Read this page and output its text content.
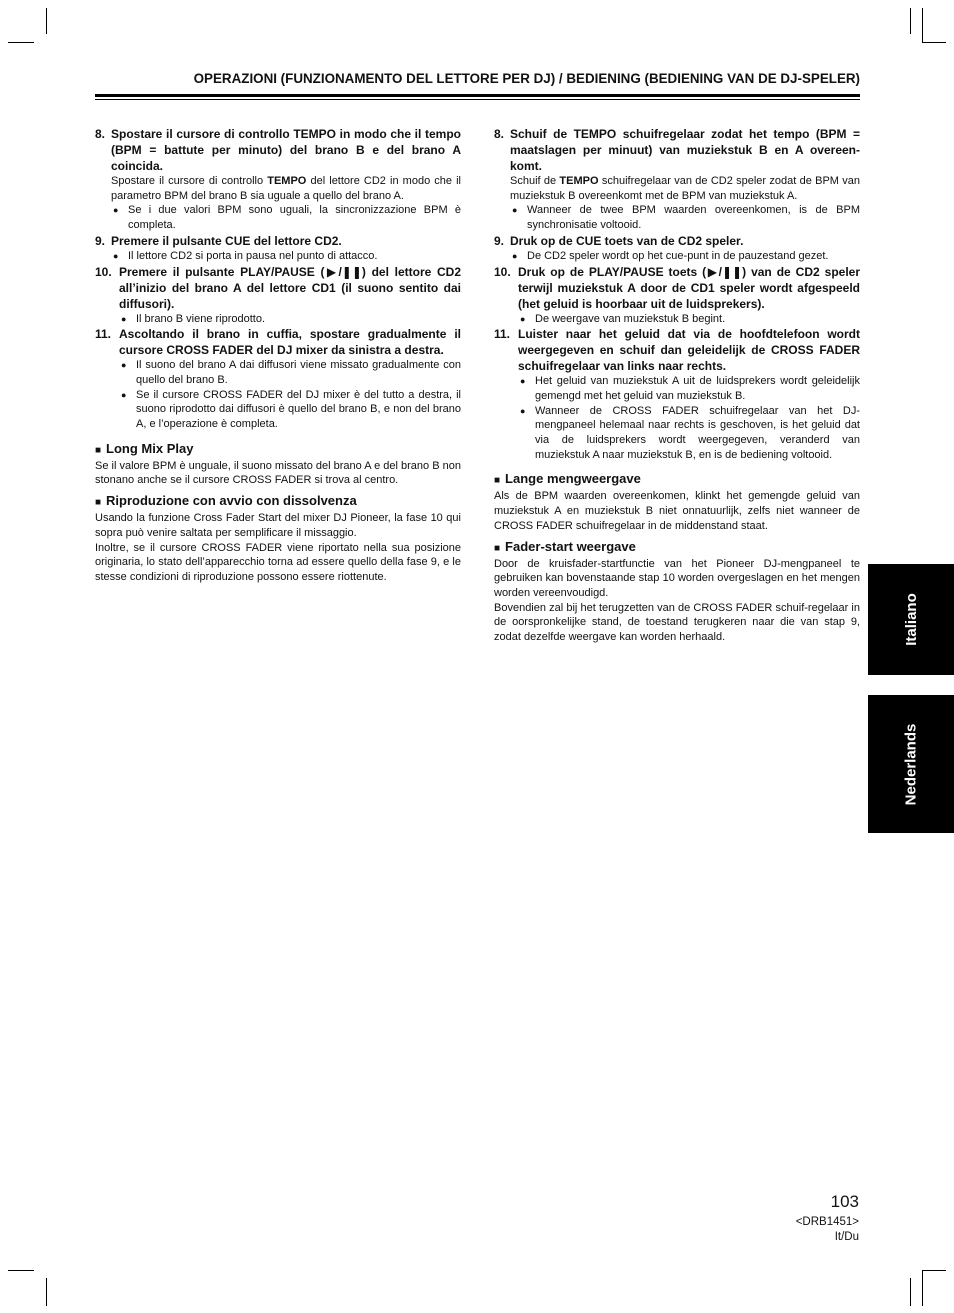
OPERAZIONI (FUNZIONAMENTO DEL LETTORE PER DJ) / BEDIENING (BEDIENING VAN DE DJ-SPELER)
8. Spostare il cursore di controllo TEMPO in modo che il tempo (BPM = battute per minuto) del brano B e del brano A coincida.
Spostare il cursore di controllo TEMPO del lettore CD2 in modo che il parametro BPM del brano B sia uguale a quello del brano A.
● Se i due valori BPM sono uguali, la sincronizzazione BPM è completa.
9. Premere il pulsante CUE del lettore CD2.
● Il lettore CD2 si porta in pausa nel punto di attacco.
10. Premere il pulsante PLAY/PAUSE (▶/❚❚) del lettore CD2 all’inizio del brano A del lettore CD1 (il suono sentito dai diffusori).
● Il brano B viene riprodotto.
11. Ascoltando il brano in cuffia, spostare gradualmente il cursore CROSS FADER del DJ mixer da sinistra a destra.
● Il suono del brano A dai diffusori viene missato gradualmente con quello del brano B.
● Se il cursore CROSS FADER del DJ mixer è del tutto a destra, il suono riprodotto dai diffusori è quello del brano B, e non del brano A, e l’operazione è completa.
■ Long Mix Play
Se il valore BPM è unguale, il suono missato del brano A e del brano B non stonano anche se il cursore CROSS FADER si trova al centro.
■ Riproduzione con avvio con dissolvenza
Usando la funzione Cross Fader Start del mixer DJ Pioneer, la fase 10 qui sopra può venire saltata per semplificare il missaggio.
Inoltre, se il cursore CROSS FADER viene riportato nella sua posizione originaria, lo stato dell’apparecchio torna ad essere quello della fase 9, e le stesse condizioni di riproduzione possono essere riottenute.
8. Schuif de TEMPO schuifregelaar zodat het tempo (BPM = maatslagen per minuut) van muziekstuk B en A overeen-komt.
Schuif de TEMPO schuifregelaar van de CD2 speler zodat de BPM van muziekstuk B overeenkomt met de BPM van muziekstuk A.
● Wanneer de twee BPM waarden overeenkomen, is de BPM synchronisatie voltooid.
9. Druk op de CUE toets van de CD2 speler.
● De CD2 speler wordt op het cue-punt in de pauzestand gezet.
10. Druk op de PLAY/PAUSE toets (▶/❚❚) van de CD2 speler terwijl muziekstuk A door de CD1 speler wordt afgespeeld (het geluid is hoorbaar uit de luidsprekers).
● De weergave van muziekstuk B begint.
11. Luister naar het geluid dat via de hoofdtelefoon wordt weergegeven en schuif dan geleidelijk de CROSS FADER schuifregelaar van links naar rechts.
● Het geluid van muziekstuk A uit de luidsprekers wordt geleidelijk gemengd met het geluid van muziekstuk B.
● Wanneer de CROSS FADER schuifregelaar van het DJ-mengpaneel helemaal naar rechts is geschoven, is het geluid dat via de luidsprekers wordt weergegeven, veranderd van muziekstuk A naar muziekstuk B, en is de bediening voltooid.
■ Lange mengweergave
Als de BPM waarden overeenkomen, klinkt het gemengde geluid van muziekstuk A en muziekstuk B niet onnatuurlijk, zelfs niet wanneer de CROSS FADER schuifregelaar in de middenstand staat.
■ Fader-start weergave
Door de kruisfader-startfunctie van het Pioneer DJ-mengpaneel te gebruiken kan bovenstaande stap 10 worden overgeslagen en het mengen worden vereenvoudigd.
Bovendien zal bij het terugzetten van de CROSS FADER schuif-regelaar in de oorspronkelijke stand, de toestand terugkeren naar die van stap 9, zodat dezelfde weergave kan worden herhaald.	Italiano
Nederlands
103
<DRB1451>
It/Du
